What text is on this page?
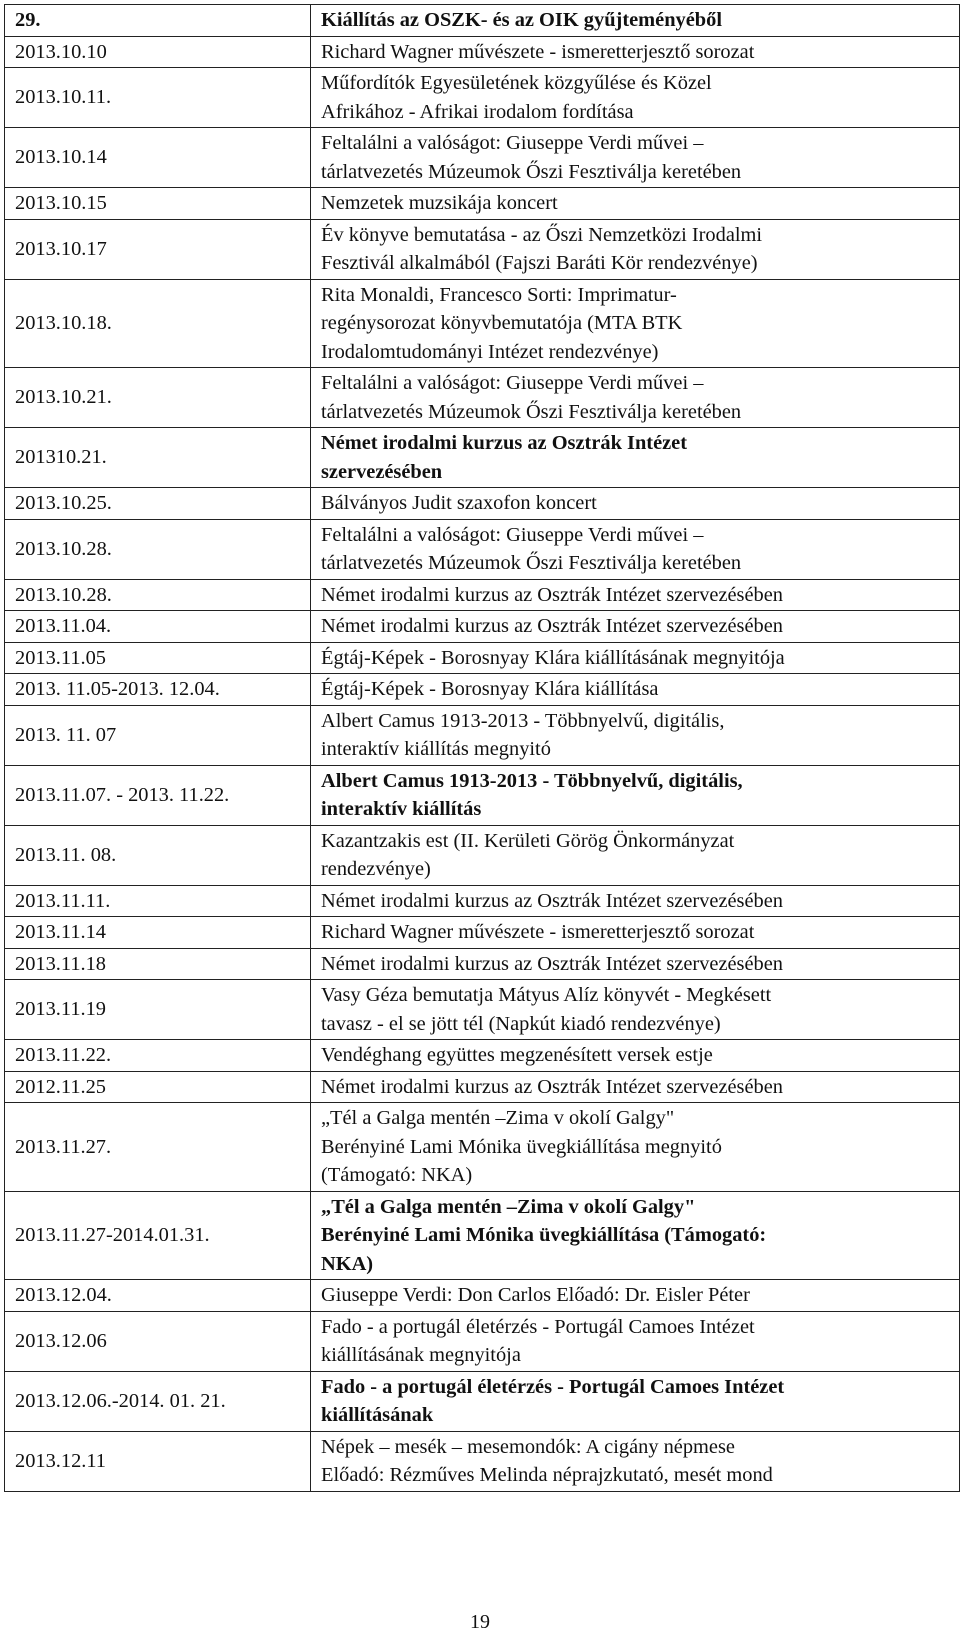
29.	Kiállítás az OSZK- és az OIK gyűjteményéből
2013.10.10	Richard Wagner művészete - ismeretterjesztő sorozat
2013.10.11.	Műfordítók Egyesületének közgyűlése és Közel
Afrikához - Afrikai irodalom fordítása
2013.10.14	Feltalálni a valóságot: Giuseppe Verdi művei –
tárlatvezetés Múzeumok Őszi Fesztiválja keretében
2013.10.15	Nemzetek muzsikája koncert
2013.10.17	Év könyve bemutatása - az Őszi Nemzetközi Irodalmi
Fesztivál alkalmából (Fajszi Baráti Kör rendezvénye)
2013.10.18.	Rita Monaldi, Francesco Sorti: Imprimatur-
regénysorozat könyvbemutatója (MTA BTK
Irodalomtudományi Intézet rendezvénye)
2013.10.21.	Feltalálni a valóságot: Giuseppe Verdi művei –
tárlatvezetés Múzeumok Őszi Fesztiválja keretében
201310.21.	Német irodalmi kurzus az Osztrák Intézet
szervezésében
2013.10.25.	Bálványos Judit szaxofon koncert
2013.10.28.	Feltalálni a valóságot: Giuseppe Verdi művei –
tárlatvezetés Múzeumok Őszi Fesztiválja keretében
2013.10.28.	Német irodalmi kurzus az Osztrák Intézet szervezésében
2013.11.04.	Német irodalmi kurzus az Osztrák Intézet szervezésében
2013.11.05	Égtáj-Képek - Borosnyay Klára kiállításának megnyitója
2013. 11.05-2013. 12.04.	Égtáj-Képek - Borosnyay Klára kiállítása
2013. 11. 07	Albert Camus 1913-2013 - Többnyelvű, digitális,
interaktív kiállítás megnyitó
2013.11.07. - 2013. 11.22.	Albert Camus 1913-2013 - Többnyelvű, digitális,
interaktív kiállítás
2013.11. 08.	Kazantzakis est (II. Kerületi Görög Önkormányzat
rendezvénye)
2013.11.11.	Német irodalmi kurzus az Osztrák Intézet szervezésében
2013.11.14	Richard Wagner művészete - ismeretterjesztő sorozat
2013.11.18	Német irodalmi kurzus az Osztrák Intézet szervezésében
2013.11.19	Vasy Géza bemutatja Mátyus Alíz könyvét - Megkésett
tavasz - el se jött tél (Napkút kiadó rendezvénye)
2013.11.22.	Vendéghang együttes megzenésített versek estje
2012.11.25	Német irodalmi kurzus az Osztrák Intézet szervezésében
2013.11.27.	„Tél a Galga mentén –Zima v okolí Galgy"
Berényiné Lami Mónika üvegkiállítása megnyitó
(Támogató: NKA)
2013.11.27-2014.01.31.	„Tél a Galga mentén –Zima v okolí Galgy"
Berényiné Lami Mónika üvegkiállítása (Támogató:
NKA)
2013.12.04.	Giuseppe Verdi: Don Carlos Előadó: Dr. Eisler Péter
2013.12.06	Fado - a portugál életérzés - Portugál Camoes Intézet
kiállításának megnyitója
2013.12.06.-2014. 01. 21.	Fado - a portugál életérzés - Portugál Camoes Intézet
kiállításának
2013.12.11	Népek – mesék – mesemondók: A cigány népmese
Előadó: Rézműves Melinda néprajzkutató, mesét mond
19
